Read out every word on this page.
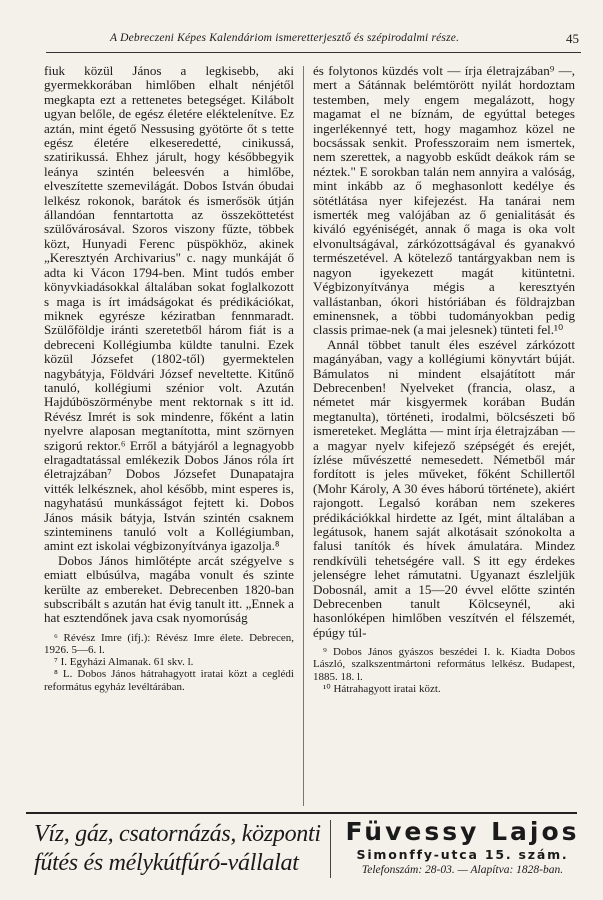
A Debreczeni Képes Kalendáriom ismeretterjesztő és szépirodalmi része.	45

fiuk közül János a legkisebb, aki gyermekkorában himlőben elhalt nénjétől megkapta ezt a rettenetes betegséget. Kilábolt ugyan belőle, de egész életére eléktelenítve. Ez aztán, mint égető Nessusing gyötörte őt s tette egész életére elkeseredetté, cinikussá, szatirikussá. Ehhez járult, hogy későbbegyik leánya szintén beleesvén a himlőbe, elveszítette szemevilágát. Dobos István óbudai lelkész rokonok, barátok és ismerősök útján állandóan fenntartotta az összeköttetést szülővárosával. Szoros viszony fűzte, többek közt, Hunyadi Ferenc püspökhöz, akinek „Keresztyén Archivarius" c. nagy munkáját ő adta ki Vácon 1794-ben. Mint tudós ember könyvkiadásokkal általában sokat foglalkozott s maga is írt imádságokat és prédikációkat, miknek egyrésze kéziratban fennmaradt. Szülőföldje iránti szeretetből három fiát is a debreceni Kollégiumba küldte tanulni. Ezek közül Józsefet (1802-től) gyermektelen nagybátyja, Földvári József neveltette. Kitűnő tanuló, kollégiumi szénior volt. Azután Hajdúböszörménybe ment rektornak s itt id. Révész Imrét is sok mindenre, főként a latin nyelvre alaposan megtanította, mint szörnyen szigorú rektor.⁶ Erről a bátyjáról a legnagyobb elragadtatással emlékezik Dobos János róla írt életrajzában⁷ Dobos Józsefet Dunapatajra vitték lelkésznek, ahol később, mint esperes is, nagyhatású munkásságot fejtett ki. Dobos János másik bátyja, István szintén csaknem szinteminens tanuló volt a Kollégiumban, amint ezt iskolai végbizonyítványa igazolja.⁸

Dobos János himlőtépte arcát szégyelve s emiatt elbúsúlva, magába vonult és szinte kerülte az embereket. Debrecenben 1820-ban subscribált s azután hat évig tanult itt. „Ennek a hat esztendőnek java csak nyomorúság

⁶ Révész Imre (ifj.): Révész Imre élete. Debrecen, 1926. 5—6. l.

⁷ I. Egyházi Almanak. 61 skv. l.

⁸ L. Dobos János hátrahagyott iratai közt a ceglédi református egyház levéltárában.

és folytonos küzdés volt — írja életrajzában⁹ —, mert a Sátánnak belémtörött nyilát hordoztam testemben, mely engem megalázott, hogy magamat el ne bíznám, de egyúttal beteges ingerlékennyé tett, hogy magamhoz közel ne bocsássak senkit. Professzoraim nem ismertek, nem szerettek, a nagyobb eskűdt deákok rám se néztek." E sorokban talán nem annyira a valóság, mint inkább az ő meghasonlott kedélye és sötétlátása nyer kifejezést. Ha tanárai nem ismerték meg valójában az ő genialitását és kiváló egyéniségét, annak ő maga is oka volt elvonultságával, zárkózottságával és gyanakvó természetével. A kötelező tantárgyakban nem is nagyon igyekezett magát kitüntetni. Végbizonyítványa mégis a keresztyén vallástanban, ókori históriában és földrajzban eminensnek, a többi tudományokban pedig classis primae-nek (a mai jelesnek) tünteti fel.¹⁰

Annál többet tanult éles eszével zárkózott magányában, vagy a kollégiumi könyvtárt búját. Bámulatos ni mindent elsajátított már Debrecenben! Nyelveket (francia, olasz, a németet már kisgyermek korában Budán megtanulta), történeti, irodalmi, bölcsészeti bő ismereteket. Meglátta — mint írja életrajzában — a magyar nyelv kifejező szépségét és erejét, ízlése művészetté nemesedett. Németből már fordított is jeles műveket, főként Schillertől (Mohr Károly, A 30 éves háború története), akiért rajongott. Legalsó korában nem szekeres prédikációkkal hirdette az Igét, mint általában a legátusok, hanem saját alkotásait szónokolta a falusi tanítók és hívek ámulatára. Mindez rendkívüli tehetségére vall. S itt egy érdekes jelenségre lehet rámutatni. Ugyanazt észleljük Dobosnál, amit a 15—20 évvel előtte szintén Debrecenben tanult Kölcseynél, aki hasonlóképen himlőben veszítvén el félszemét, épúgy túl-

⁹ Dobos János gyászos beszédei I. k. Kiadta Dobos László, szalkszentmártoni református lelkész. Budapest, 1885. 18. l.

¹⁰ Hátrahagyott iratai közt.

Víz, gáz, csatornázás, központi
fűtés és mélykútfúró-vállalat
Füvessy Lajos
Simonffy-utca 15. szám.
Telefonszám: 28-03. — Alapítva: 1828-ban.
